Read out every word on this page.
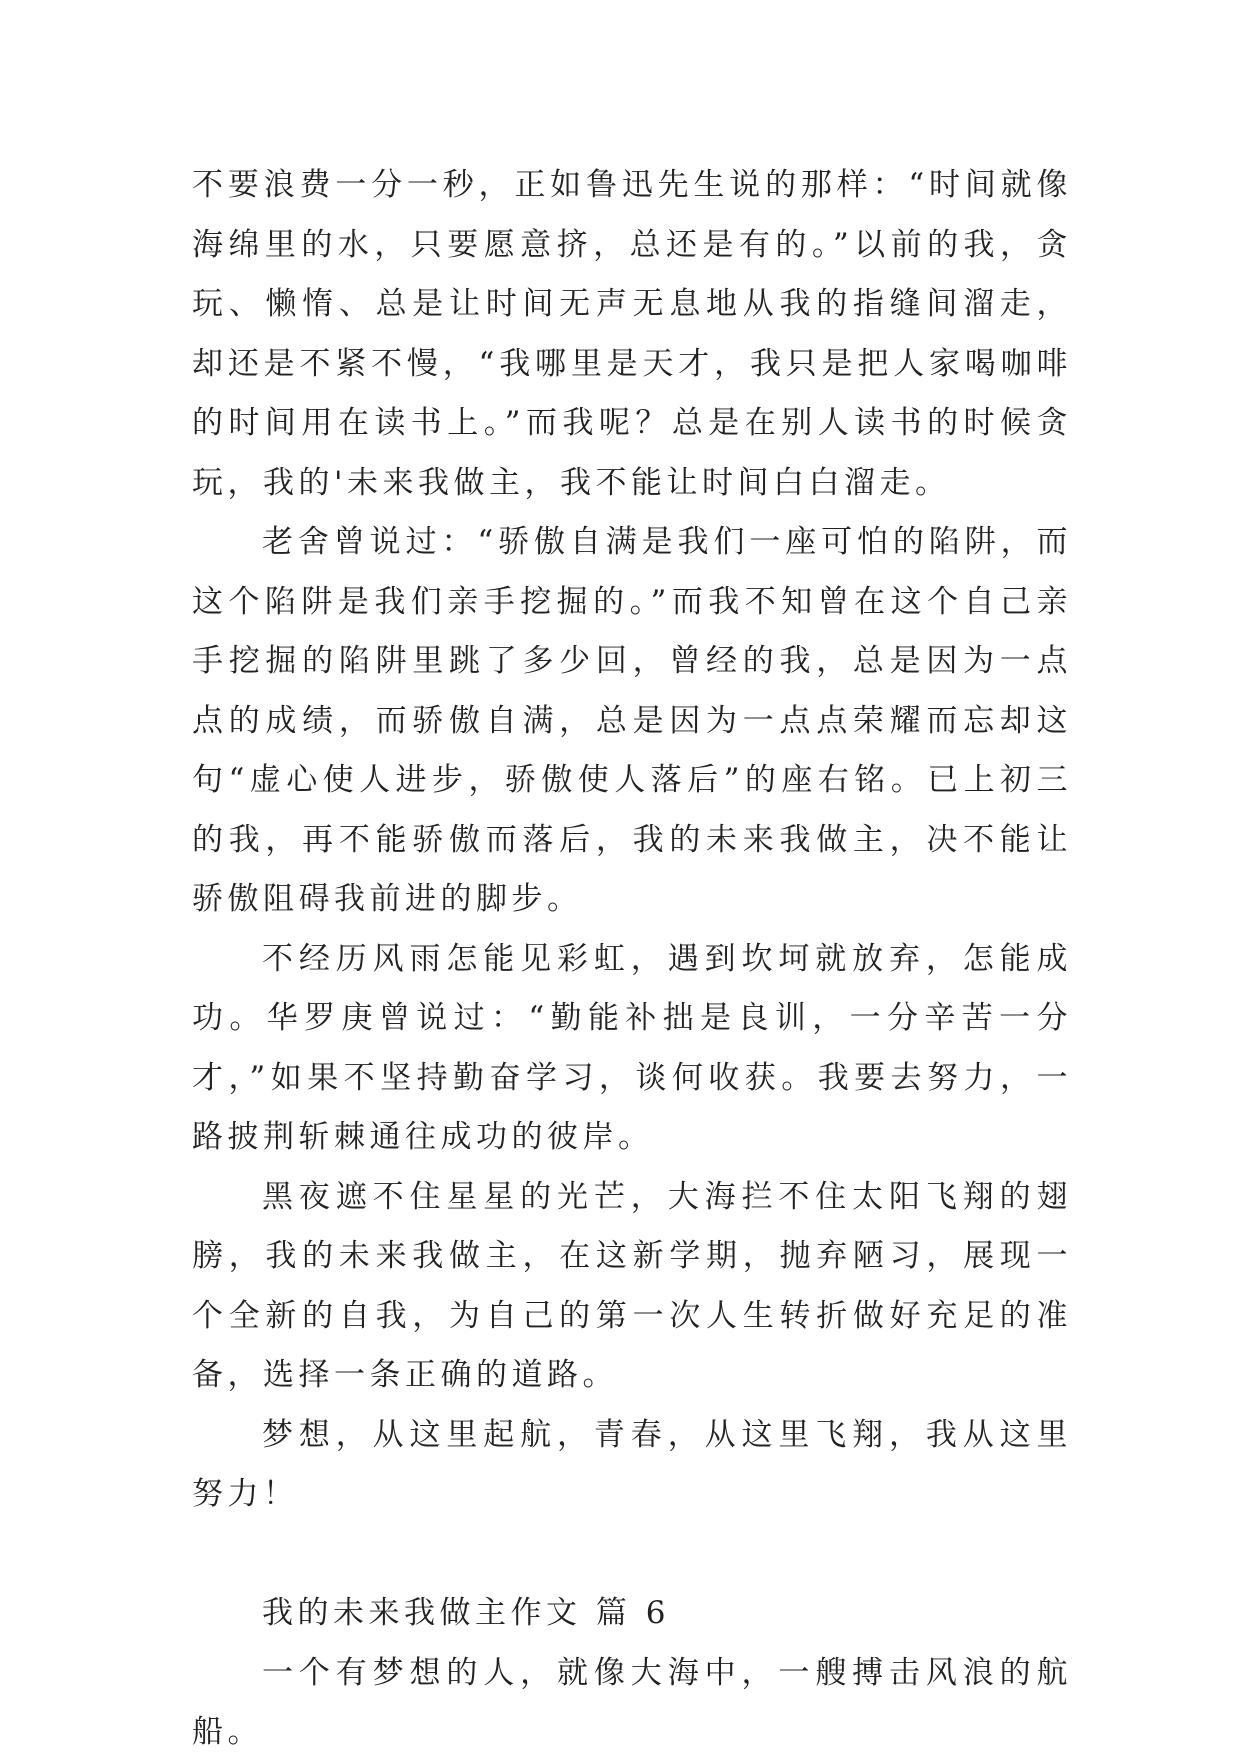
不要浪费一分一秒，正如鲁迅先生说的那样：“时间就像海绵里的水，只要愿意挤，总还是有的。”以前的我，贪玩、懒惰、总是让时间无声无息地从我的指缝间溜走，却还是不紧不慢，“我哪里是天才，我只是把人家喝咖啡的时间用在读书上。”而我呢？总是在别人读书的时候贪玩，我的'未来我做主，我不能让时间白白溜走。

老舍曾说过：“骄傲自满是我们一座可怕的陷阱，而这个陷阱是我们亲手挖掘的。”而我不知曾在这个自己亲手挖掘的陷阱里跳了多少回，曾经的我，总是因为一点点的成绩，而骄傲自满，总是因为一点点荣耀而忘却这句“虚心使人进步，骄傲使人落后”的座右铭。已上初三的我，再不能骄傲而落后，我的未来我做主，决不能让骄傲阻碍我前进的脚步。

不经历风雨怎能见彩虹，遇到坎坷就放弃，怎能成功。华罗庚曾说过：“勤能补拙是良训，一分辛苦一分才，”如果不坚持勤奋学习，谈何收获。我要去努力，一路披荆斩棘通往成功的彼岸。

黑夜遮不住星星的光芒，大海拦不住太阳飞翔的翅膀，我的未来我做主，在这新学期，抛弃陋习，展现一个全新的自我，为自己的第一次人生转折做好充足的准备，选择一条正确的道路。

梦想，从这里起航，青春，从这里飞翔，我从这里努力！

我的未来我做主作文 篇 6

一个有梦想的人，就像大海中，一艘搏击风浪的航船。
